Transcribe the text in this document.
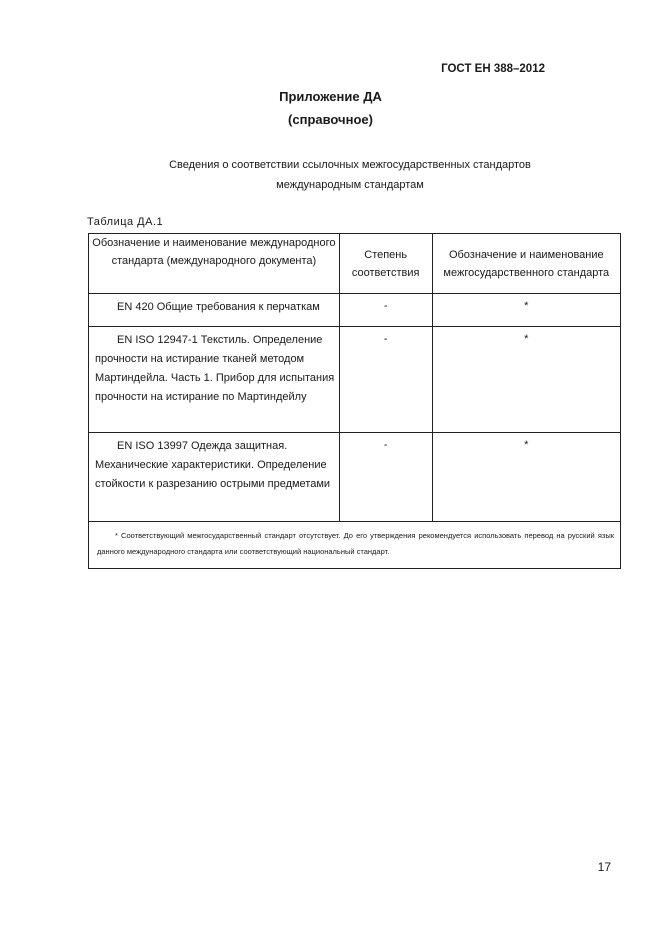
ГОСТ ЕН 388–2012
Приложение ДА
(справочное)
Сведения о соответствии ссылочных межгосударственных стандартов
международным стандартам
Таблица ДА.1
Обозначение и наименование международного стандарта (международного документа)	Степень соответствия	Обозначение и наименование межгосударственного стандарта

EN 420 Общие требования к перчаткам	-	*

EN ISO 12947-1 Текстиль. Определение прочности на истирание тканей методом Мартиндейла. Часть 1. Прибор для испытания прочности на истирание по Мартиндейлу	-	*

EN ISO 13997 Одежда защитная. Механические характеристики. Определение стойкости к разрезанию острыми предметами	-	*
* Соответствующий межгосударственный стандарт отсутствует. До его утверждения рекомендуется использовать перевод на русский язык данного международного стандарта или соответствующий национальный стандарт.		
17
